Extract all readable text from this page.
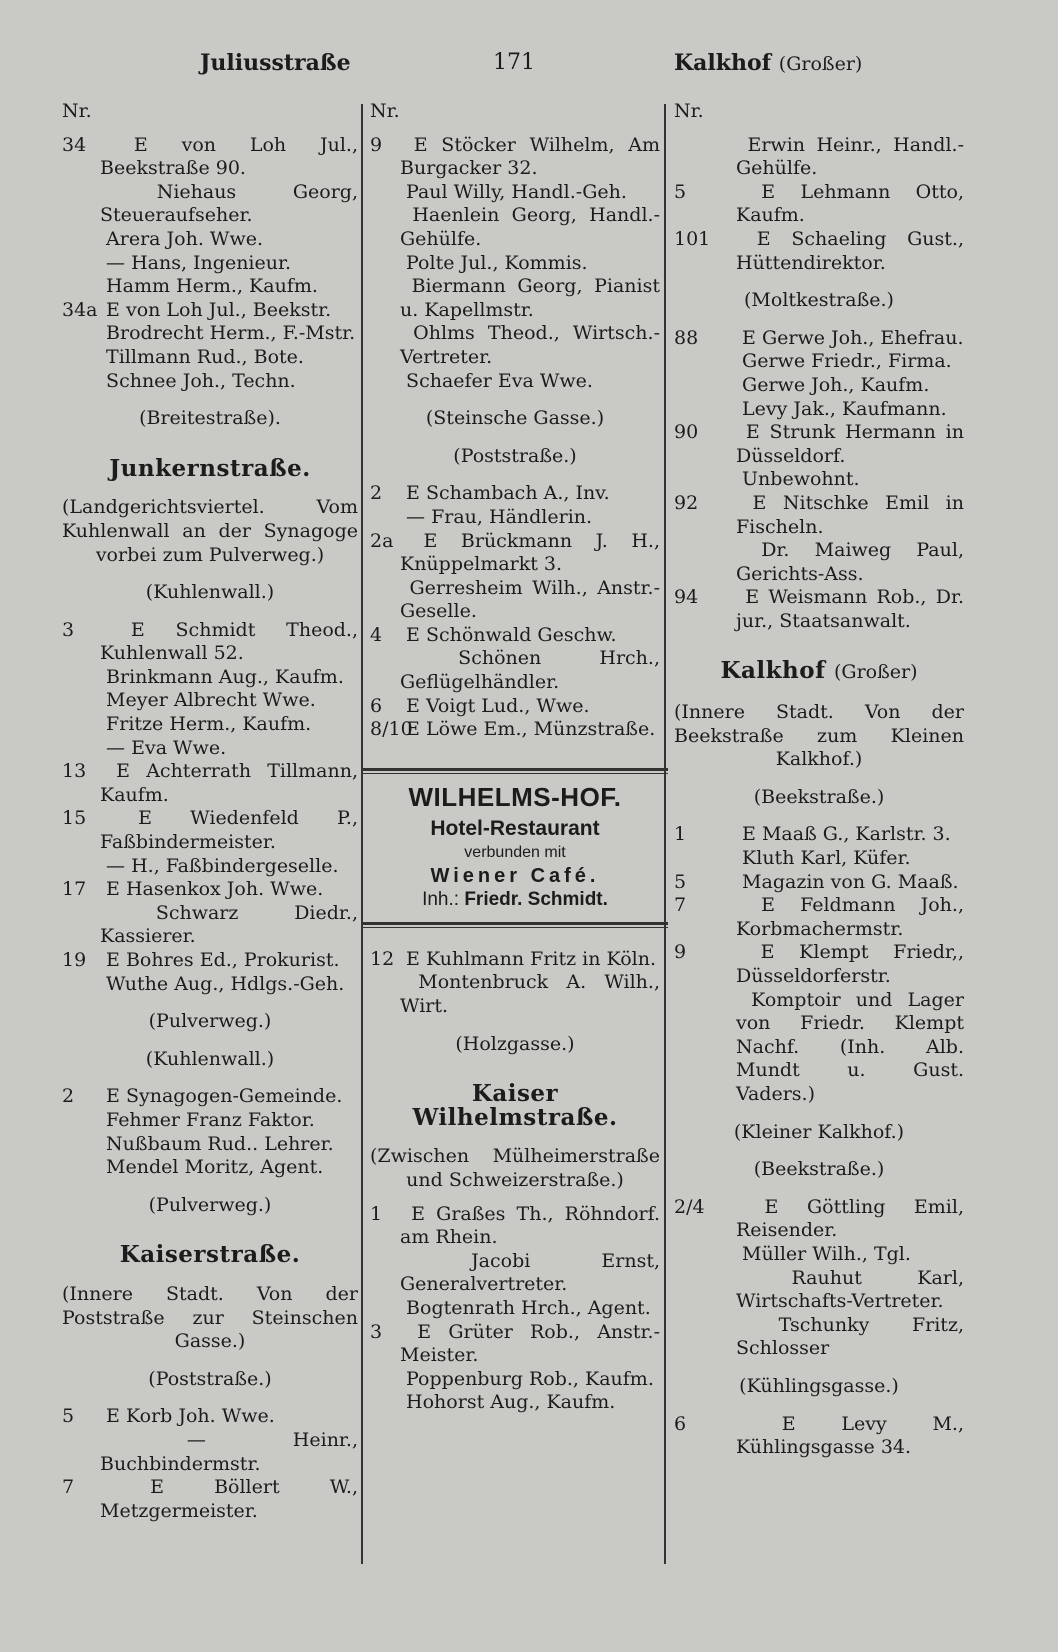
Juliusstraße	171	Kalkhof (Großer)
Nr.
34	E von Loh Jul., Beekstraße 90.
Niehaus Georg, Steueraufseher.
Arera Joh. Wwe.
— Hans, Ingenieur.
Hamm Herm., Kaufm.
34a E von Loh Jul., Beekstr.
Brodrecht Herm., F.-Mstr.
Tillmann Rud., Bote.
Schnee Joh., Techn.
(Breitestraße).
Junkernstraße.
(Landgerichtsviertel. Vom Kuhlenwall an der Synagoge vorbei zum Pulverweg.)
(Kuhlenwall.)
3	E Schmidt Theod., Kuhlenwall 52.
Brinkmann Aug., Kaufm.
Meyer Albrecht Wwe.
Fritze Herm., Kaufm.
— Eva Wwe.
13 E Achterrath Tillmann, Kaufm.
15	E Wiedenfeld P., Faßbindermeister.
— H., Faßbindergeselle.
17 E Hasenkox Joh. Wwe.
Schwarz Diedr., Kassierer.
19 E Bohres Ed., Prokurist.
Wuthe Aug., Hdlgs.-Geh.
(Pulverweg.)
(Kuhlenwall.)
2 E Synagogen-Gemeinde.
Fehmer Franz Faktor.
Nußbaum Rud.. Lehrer.
Mendel Moritz, Agent.
(Pulverweg.)
Kaiserstraße.
(Innere Stadt. Von der Poststraße zur Steinschen Gasse.)
(Poststraße.)
5 E Korb Joh. Wwe.
— Heinr., Buchbindermstr.
7	E Böllert W., Metzgermeister.
Nr.
9 E Stöcker Wilhelm, Am Burgacker 32.
Paul Willy, Handl.-Geh.
Haenlein Georg, Handl.-Gehülfe.
Polte Jul., Kommis.
Biermann Georg, Pianist u. Kapellmstr.
Ohlms Theod., Wirtsch.-Vertreter.
Schaefer Eva Wwe.
(Steinsche Gasse.)
(Poststraße.)
2 E Schambach A., Inv.
— Frau, Händlerin.
2a E Brückmann J. H., Knüppelmarkt 3.
Gerresheim Wilh., Anstr.-Geselle.
4 E Schönwald Geschw.
Schönen Hrch., Geflügelhändler.
6 E Voigt Lud., Wwe.
8/10 E Löwe Em., Münzstraße.
WILHELMS-HOF.
Hotel-Restaurant
verbunden mit
Wiener Café.
Inh.: Friedr. Schmidt.
12 E Kuhlmann Fritz in Köln.
Montenbruck A. Wilh., Wirt.
(Holzgasse.)
Kaiser Wilhelmstraße.
(Zwischen Mülheimerstraße und Schweizerstraße.)
1 E Graßes Th., Röhndorf. am Rhein.
Jacobi Ernst, Generalvertreter.
Bogtenrath Hrch., Agent.
3 E Grüter Rob., Anstr.-Meister.
Poppenburg Rob., Kaufm.
Hohorst Aug., Kaufm.
Nr.
Erwin Heinr., Handl.-Gehülfe.
5	E Lehmann Otto, Kaufm.
101 E Schaeling Gust., Hüttendirektor.
(Moltkestraße.)
88 E Gerwe Joh., Ehefrau.
Gerwe Friedr., Firma.
Gerwe Joh., Kaufm.
Levy Jak., Kaufmann.
90	E Strunk Hermann in Düsseldorf.
Unbewohnt.
92	E Nitschke Emil in Fischeln.
Dr. Maiweg Paul, Gerichts-Ass.
94 E Weismann Rob., Dr. jur., Staatsanwalt.
Kalkhof (Großer)
(Innere Stadt. Von der Beekstraße zum Kleinen Kalkhof.)
(Beekstraße.)
1	E Maaß G., Karlstr. 3.
Kluth Karl, Küfer.
5	Magazin von G. Maaß.
7	E Feldmann Joh., Korbmachermstr.
9	E Klempt Friedr,, Düsseldorferstr.
Komptoir und Lager von Friedr. Klempt Nachf. (Inh. Alb. Mundt u. Gust. Vaders.)
(Kleiner Kalkhof.)
(Beekstraße.)
2/4	E Göttling Emil, Reisender.
Müller Wilh., Tgl.
Rauhut Karl, Wirtschafts-Vertreter.
Tschunky Fritz, Schlosser
(Kühlingsgasse.)
6	E Levy M., Kühlingsgasse 34.
